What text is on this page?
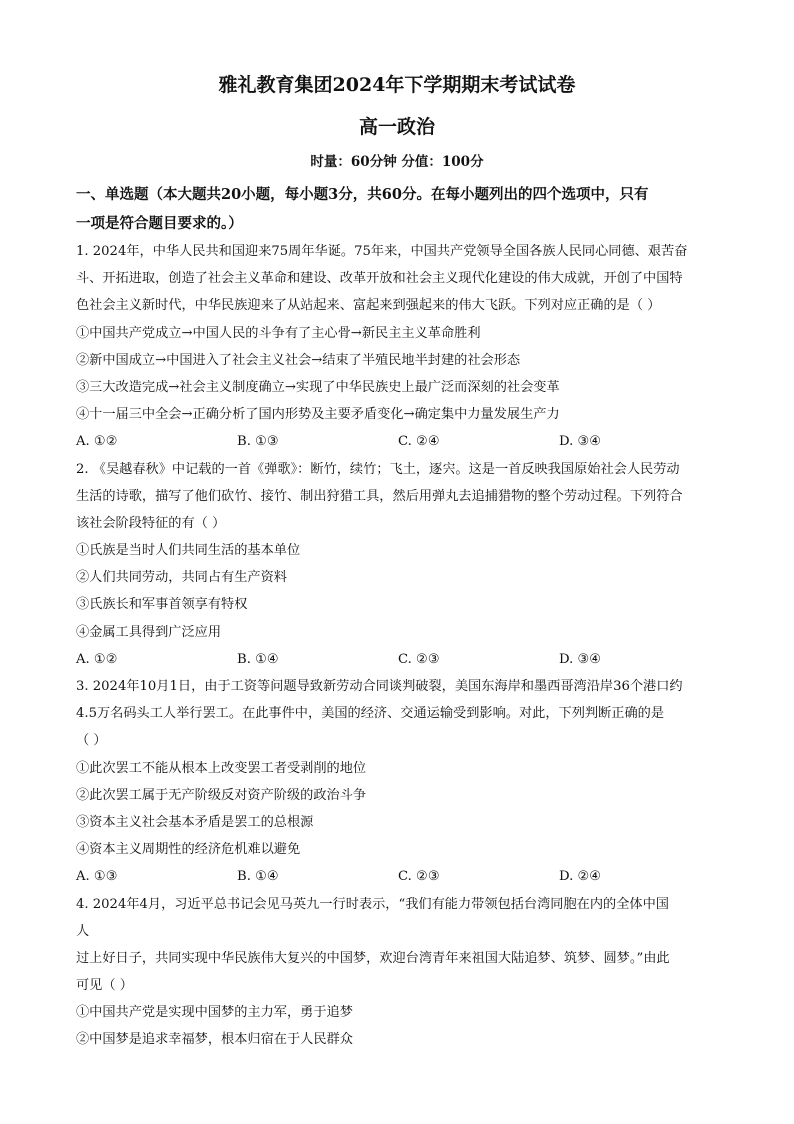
雅礼教育集团2024年下学期期末考试试卷
高一政治
时量：60分钟 分值：100分
一、单选题（本大题共20小题，每小题3分，共60分。在每小题列出的四个选项中，只有
一项是符合题目要求的。）
1. 2024年，中华人民共和国迎来75周年华诞。75年来，中国共产党领导全国各族人民同心同德、艰苦奋
斗、开拓进取，创造了社会主义革命和建设、改革开放和社会主义现代化建设的伟大成就，开创了中国特
色社会主义新时代，中华民族迎来了从站起来、富起来到强起来的伟大飞跃。下列对应正确的是（ ）
①中国共产党成立→中国人民的斗争有了主心骨→新民主主义革命胜利
②新中国成立→中国进入了社会主义社会→结束了半殖民地半封建的社会形态
③三大改造完成→社会主义制度确立→实现了中华民族史上最广泛而深刻的社会变革
④十一届三中全会→正确分析了国内形势及主要矛盾变化→确定集中力量发展生产力
A. ①②	B. ①③	C. ②④	D. ③④
2. 《吴越春秋》中记载的一首《弹歌》：断竹，续竹；飞土，逐宍。这是一首反映我国原始社会人民劳动
生活的诗歌，描写了他们砍竹、接竹、制出狩猎工具，然后用弹丸去追捕猎物的整个劳动过程。下列符合
该社会阶段特征的有（ ）
①氏族是当时人们共同生活的基本单位
②人们共同劳动，共同占有生产资料
③氏族长和军事首领享有特权
④金属工具得到广泛应用
A. ①②	B. ①④	C. ②③	D. ③④
3. 2024年10月1日，由于工资等问题导致新劳动合同谈判破裂，美国东海岸和墨西哥湾沿岸36个港口约
4.5万名码头工人举行罢工。在此事件中，美国的经济、交通运输受到影响。对此，下列判断正确的是
（ ）
①此次罢工不能从根本上改变罢工者受剥削的地位
②此次罢工属于无产阶级反对资产阶级的政治斗争
③资本主义社会基本矛盾是罢工的总根源
④资本主义周期性的经济危机难以避免
A. ①③	B. ①④	C. ②③	D. ②④
4. 2024年4月，习近平总书记会见马英九一行时表示，“我们有能力带领包括台湾同胞在内的全体中国
人
过上好日子，共同实现中华民族伟大复兴的中国梦，欢迎台湾青年来祖国大陆追梦、筑梦、圆梦。”由此
可见（ ）
①中国共产党是实现中国梦的主力军，勇于追梦
②中国梦是追求幸福梦，根本归宿在于人民群众
